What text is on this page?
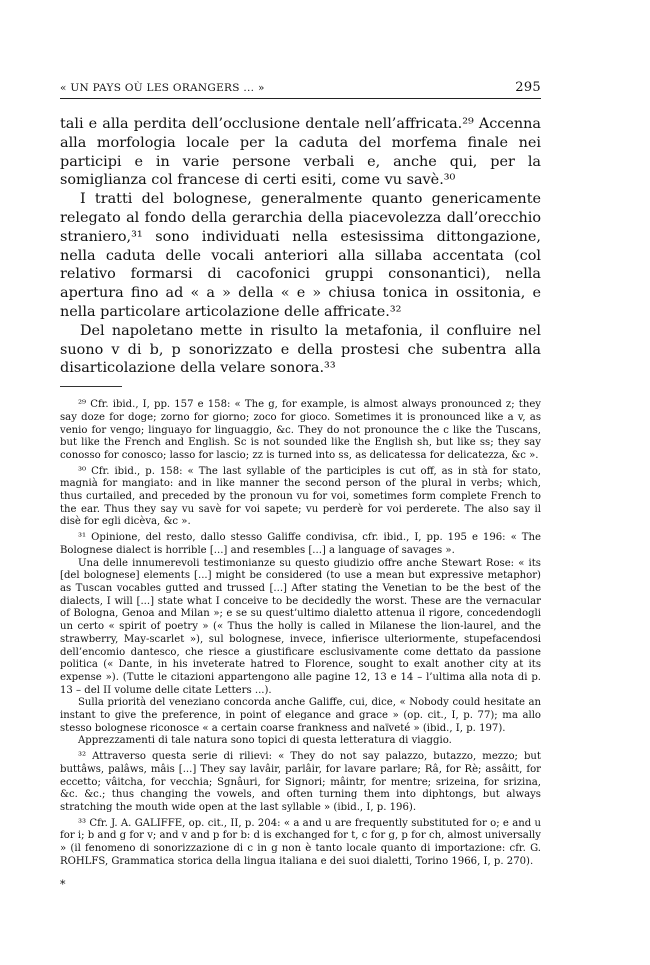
« UN PAYS OÙ LES ORANGERS ... »	295

tali e alla perdita dell’occlusione dentale nell’affricata.²⁹ Accenna alla morfologia locale per la caduta del morfema finale nei participi e in varie persone verbali e, anche qui, per la somiglianza col francese di certi esiti, come vu savè.³⁰

I tratti del bolognese, generalmente quanto genericamente relegato al fondo della gerarchia della piacevolezza dall’orecchio straniero,³¹ sono individuati nella estesissima dittongazione, nella caduta delle vocali anteriori alla sillaba accentata (col relativo formarsi di cacofonici gruppi consonantici), nella apertura fino ad « a » della « e » chiusa tonica in ossitonia, e nella particolare articolazione delle affricate.³²

Del napoletano mette in risulto la metafonia, il confluire nel suono v di b, p sonorizzato e della prostesi che subentra alla disarticolazione della velare sonora.³³

²⁹ Cfr. ibid., I, pp. 157 e 158: « The g, for example, is almost always pronounced z; they say doze for doge; zorno for giorno; zoco for gioco. Sometimes it is pronounced like a v, as venio for vengo; linguayo for linguaggio, &c. They do not pronounce the c like the Tuscans, but like the French and English. Sc is not sounded like the English sh, but like ss; they say conosso for conosco; lasso for lascio; zz is turned into ss, as delicatessa for delicatezza, &c ».

³⁰ Cfr. ibid., p. 158: « The last syllable of the participles is cut off, as in stà for stato, magnià for mangiato: and in like manner the second person of the plural in verbs; which, thus curtailed, and preceded by the pronoun vu for voi, sometimes form complete French to the ear. Thus they say vu savè for voi sapete; vu perderè for voi perderete. The also say il disè for egli dicèva, &c ».

³¹ Opinione, del resto, dallo stesso Galiffe condivisa, cfr. ibid., I, pp. 195 e 196: « The Bolognese dialect is horrible [...] and resembles [...] a language of savages ».

Una delle innumerevoli testimonianze su questo giudizio offre anche Stewart Rose: « its [del bolognese] elements [...] might be considered (to use a mean but expressive metaphor) as Tuscan vocables gutted and trussed [...] After stating the Venetian to be the best of the dialects, I will [...] state what I conceive to be decidedly the worst. These are the vernacular of Bologna, Genoa and Milan »; e se su quest’ultimo dialetto attenua il rigore, concedendogli un certo « spirit of poetry » (« Thus the holly is called in Milanese the lion-laurel, and the strawberry, May-scarlet »), sul bolognese, invece, infierisce ulteriormente, stupefacendosi dell’encomio dantesco, che riesce a giustificare esclusivamente come dettato da passione politica (« Dante, in his inveterate hatred to Florence, sought to exalt another city at its expense »). (Tutte le citazioni appartengono alle pagine 12, 13 e 14 – l’ultima alla nota di p. 13 – del II volume delle citate Letters ...).

Sulla priorità del veneziano concorda anche Galiffe, cui, dice, « Nobody could hesitate an instant to give the preference, in point of elegance and grace » (op. cit., I, p. 77); ma allo stesso bolognese riconosce « a certain coarse frankness and naïveté » (ibid., I, p. 197).

Apprezzamenti di tale natura sono topici di questa letteratura di viaggio.

³² Attraverso questa serie di rilievi: « They do not say palazzo, butazzo, mezzo; but buttâws, palâws, mâis [...] They say lavâir, parlâir, for lavare parlare; Râ, for Rè; assâitt, for eccetto; vâitcha, for vecchia; Sgnâuri, for Signori; mâintr, for mentre; srizeina, for srizina, &c. &c.; thus changing the vowels, and often turning them into diphtongs, but always stratching the mouth wide open at the last syllable » (ibid., I, p. 196).

³³ Cfr. J. A. GALIFFE, op. cit., II, p. 204: « a and u are frequently substituted for o; e and u for i; b and g for v; and v and p for b: d is exchanged for t, c for g, p for ch, almost universally » (il fenomeno di sonorizzazione di c in g non è tanto locale quanto di importazione: cfr. G. ROHLFS, Grammatica storica della lingua italiana e dei suoi dialetti, Torino 1966, I, p. 270).

*
